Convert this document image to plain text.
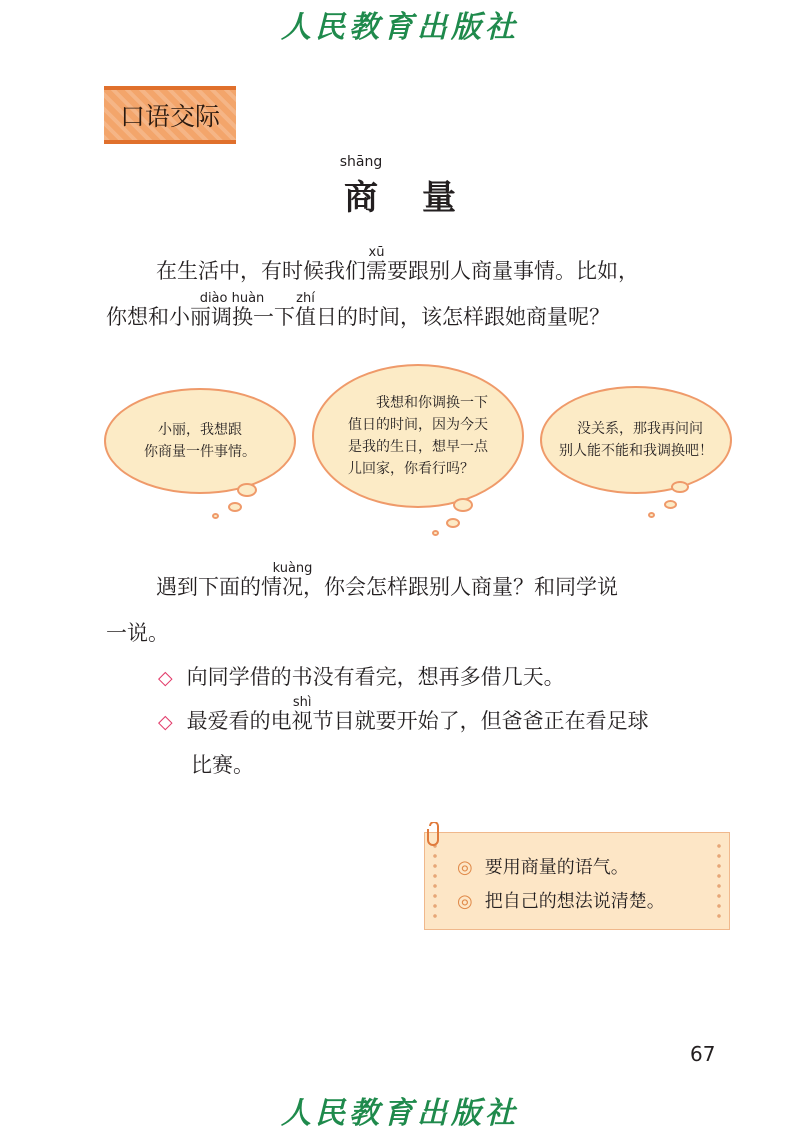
人民教育出版社
口语交际
shāng
商 量
在生活中，有时候我们
xū
需要跟别人商量事情。比如，
你想和小丽
diào huàn
调换一下
zhí
值日的时间，该怎样跟她商量呢？
小丽，我想跟
你商量一件事情。
我想和你调换一下
值日的时间，因为今天
是我的生日，想早一点
儿回家，你看行吗？
没关系，那我再问问
别人能不能和我调换吧！
遇到下面的情
kuàng
况，你会怎样跟别人商量？和同学说
一说。
◇ 向同学借的书没有看完，想再多借几天。
◇ 最爱看的电
shì
视节目就要开始了，但爸爸正在看足球
比赛。
◎ 要用商量的语气。
◎ 把自己的想法说清楚。
67
人民教育出版社
